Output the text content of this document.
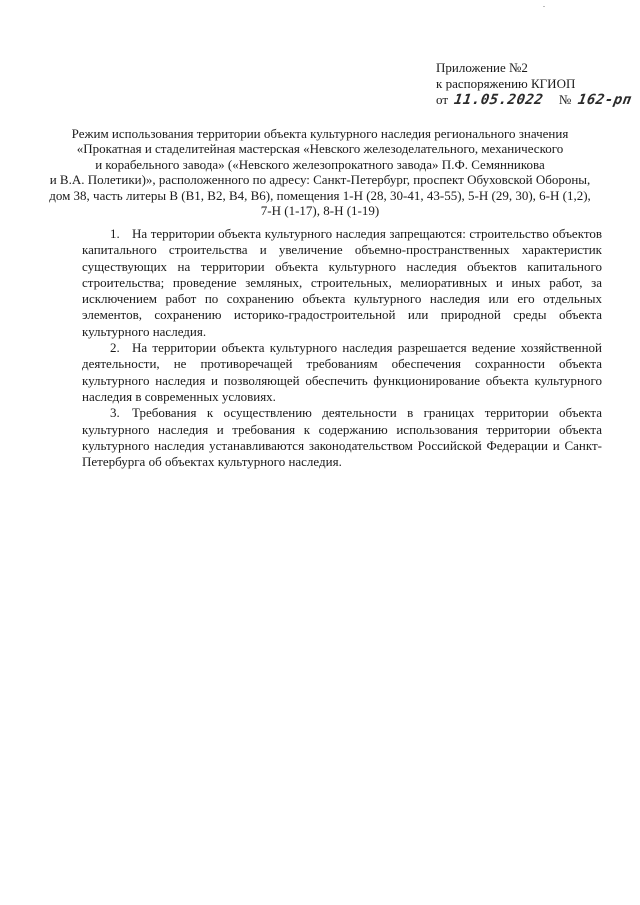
Приложение №2
к распоряжению КГИОП
от 11.05.2022 № 162-рп
Режим использования территории объекта культурного наследия регионального значения
«Прокатная и стаделитейная мастерская «Невского железоделательного, механического
и корабельного завода» («Невского железопрокатного завода» П.Ф. Семянникова
и В.А. Полетики)», расположенного по адресу: Санкт-Петербург, проспект Обуховской Обороны,
дом 38, часть литеры В (В1, В2, В4, В6), помещения 1-Н (28, 30-41, 43-55), 5-Н (29, 30), 6-Н (1,2),
7-Н (1-17), 8-Н (1-19)

1. На территории объекта культурного наследия запрещаются: строительство объектов капитального строительства и увеличение объемно-пространственных характеристик существующих на территории объекта культурного наследия объектов капитального строительства; проведение земляных, строительных, мелиоративных и иных работ, за исключением работ по сохранению объекта культурного наследия или его отдельных элементов, сохранению историко-градостроительной или природной среды объекта культурного наследия.

2. На территории объекта культурного наследия разрешается ведение хозяйственной деятельности, не противоречащей требованиям обеспечения сохранности объекта культурного наследия и позволяющей обеспечить функционирование объекта культурного наследия в современных условиях.

3. Требования к осуществлению деятельности в границах территории объекта культурного наследия и требования к содержанию использования территории объекта культурного наследия устанавливаются законодательством Российской Федерации и Санкт-Петербурга об объектах культурного наследия.
